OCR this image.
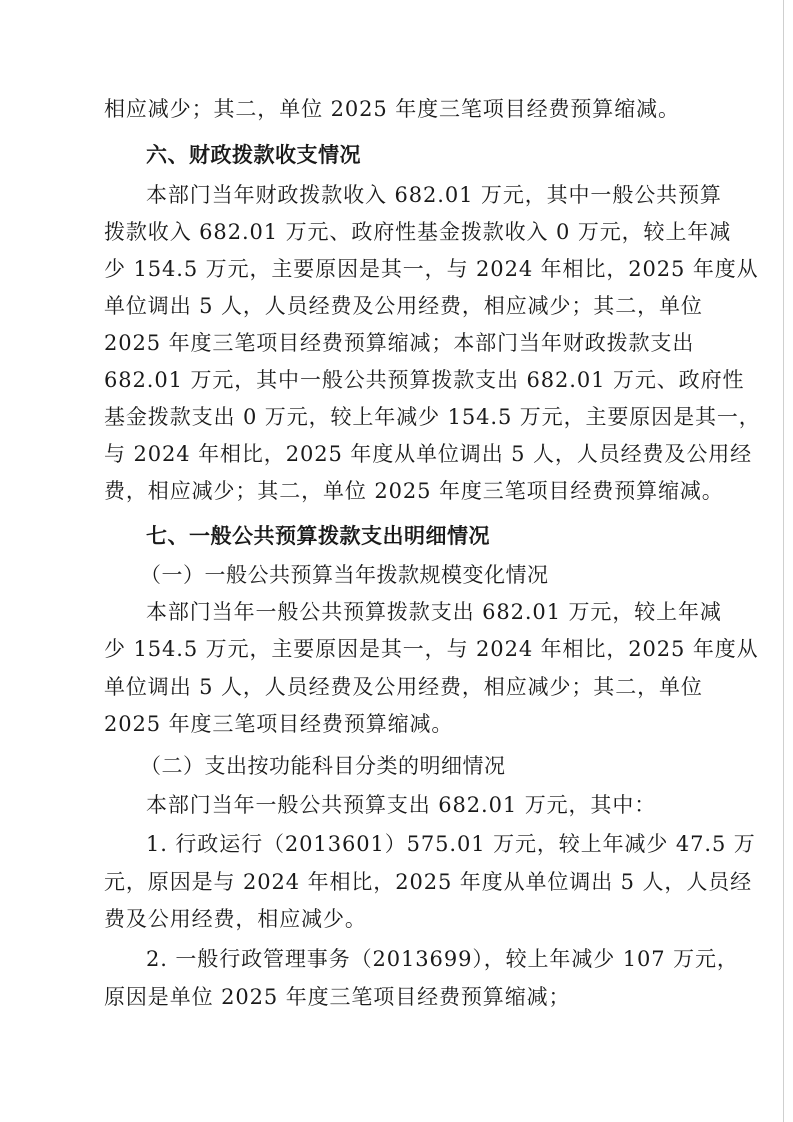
相应减少；其二，单位 2025 年度三笔项目经费预算缩减。

六、财政拨款收支情况

本部门当年财政拨款收入 682.01 万元，其中一般公共预算

拨款收入 682.01 万元、政府性基金拨款收入 0 万元，较上年减

少 154.5 万元，主要原因是其一，与 2024 年相比，2025 年度从

单位调出 5 人，人员经费及公用经费，相应减少；其二，单位

2025 年度三笔项目经费预算缩减；本部门当年财政拨款支出

682.01 万元，其中一般公共预算拨款支出 682.01 万元、政府性

基金拨款支出 0 万元，较上年减少 154.5 万元，主要原因是其一，

与 2024 年相比，2025 年度从单位调出 5 人，人员经费及公用经

费，相应减少；其二，单位 2025 年度三笔项目经费预算缩减。

七、一般公共预算拨款支出明细情况

（一）一般公共预算当年拨款规模变化情况

本部门当年一般公共预算拨款支出 682.01 万元，较上年减

少 154.5 万元，主要原因是其一，与 2024 年相比，2025 年度从

单位调出 5 人，人员经费及公用经费，相应减少；其二，单位

2025 年度三笔项目经费预算缩减。

（二）支出按功能科目分类的明细情况

本部门当年一般公共预算支出 682.01 万元，其中：

1. 行政运行（2013601）575.01 万元，较上年减少 47.5 万

元，原因是与 2024 年相比，2025 年度从单位调出 5 人，人员经

费及公用经费，相应减少。

2. 一般行政管理事务（2013699），较上年减少 107 万元，

原因是单位 2025 年度三笔项目经费预算缩减；
